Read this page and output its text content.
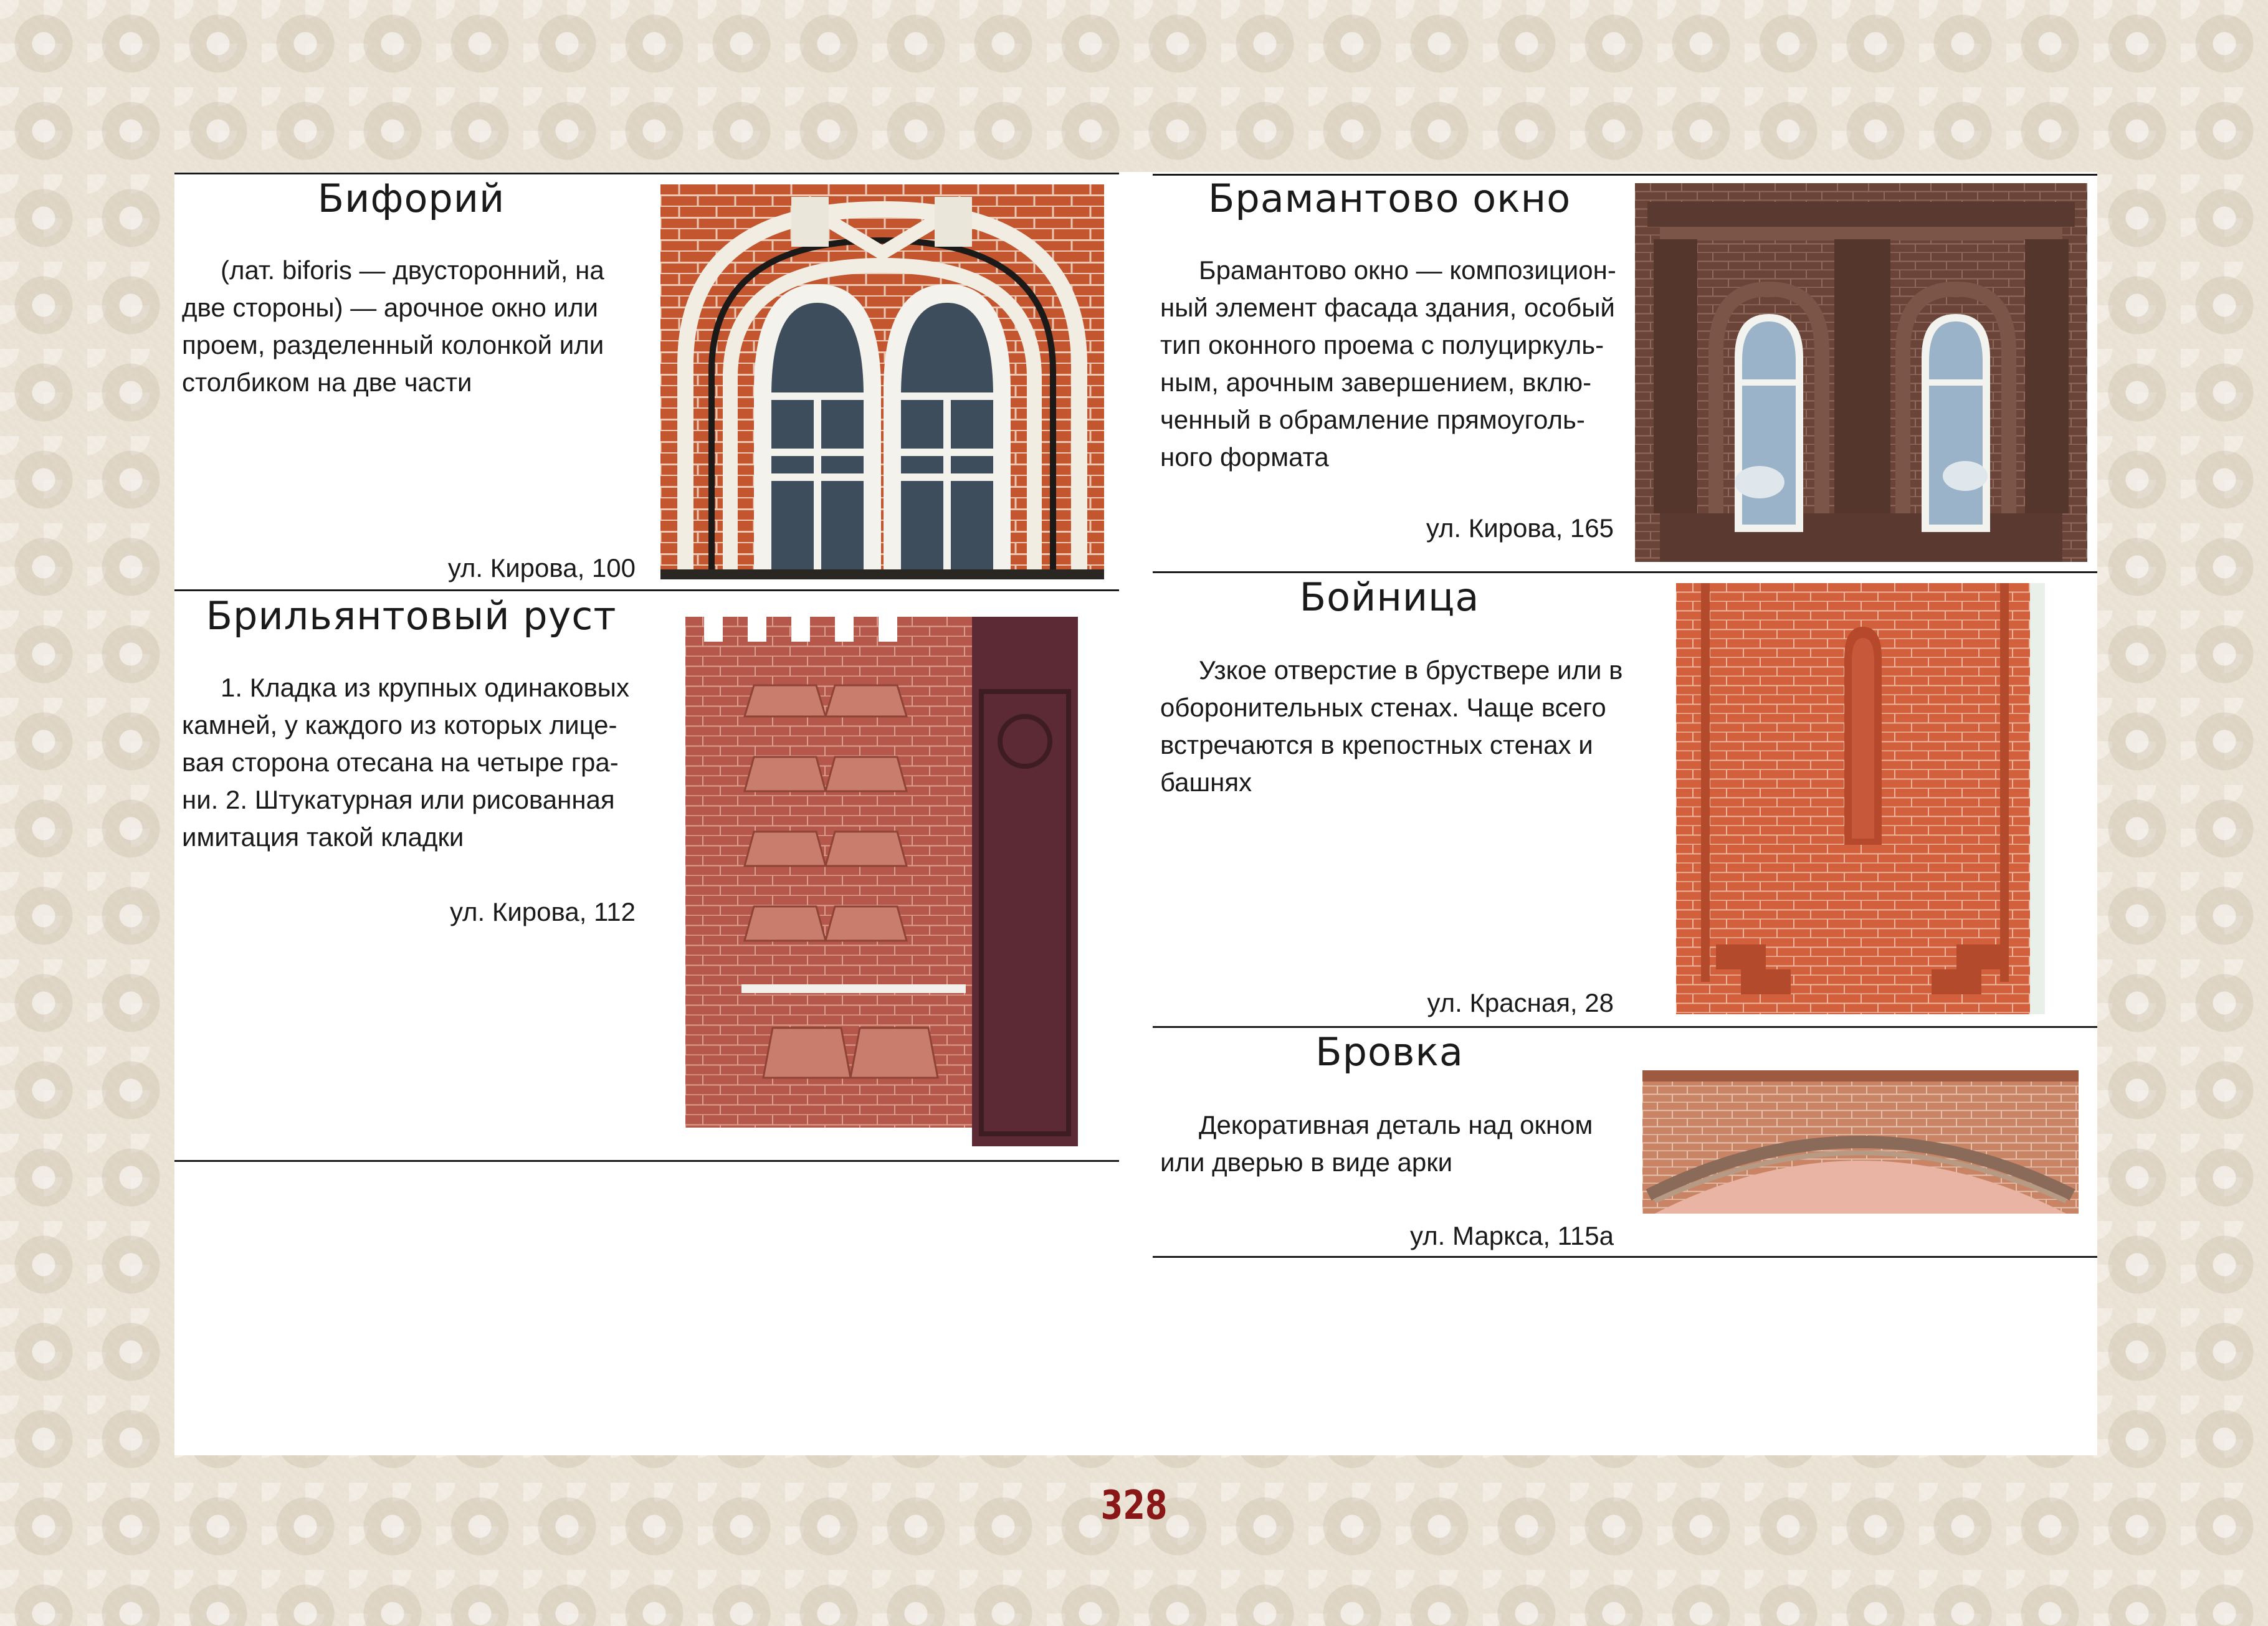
Бифорий
(лат. biforis — двусторонний, на
две стороны) — арочное окно или
проем, разделенный колонкой или
столбиком на две части
ул. Кирова, 100
Брильянтовый руст
1. Кладка из крупных одинаковых
камней, у каждого из которых лице-
вая сторона отесана на четыре гра-
ни. 2. Штукатурная или рисованная
имитация такой кладки
ул. Кирова, 112
Брамантово окно
Брамантово окно — композицион-
ный элемент фасада здания, особый
тип оконного проема с полуциркуль-
ным, арочным завершением, вклю-
ченный в обрамление прямоуголь-
ного формата
ул. Кирова, 165
Бойница
Узкое отверстие в бруствере или в
оборонительных стенах. Чаще всего
встречаются в крепостных стенах и
башнях
ул. Красная, 28
Бровка
Декоративная деталь над окном
или дверью в виде арки
ул. Маркса, 115а
328
